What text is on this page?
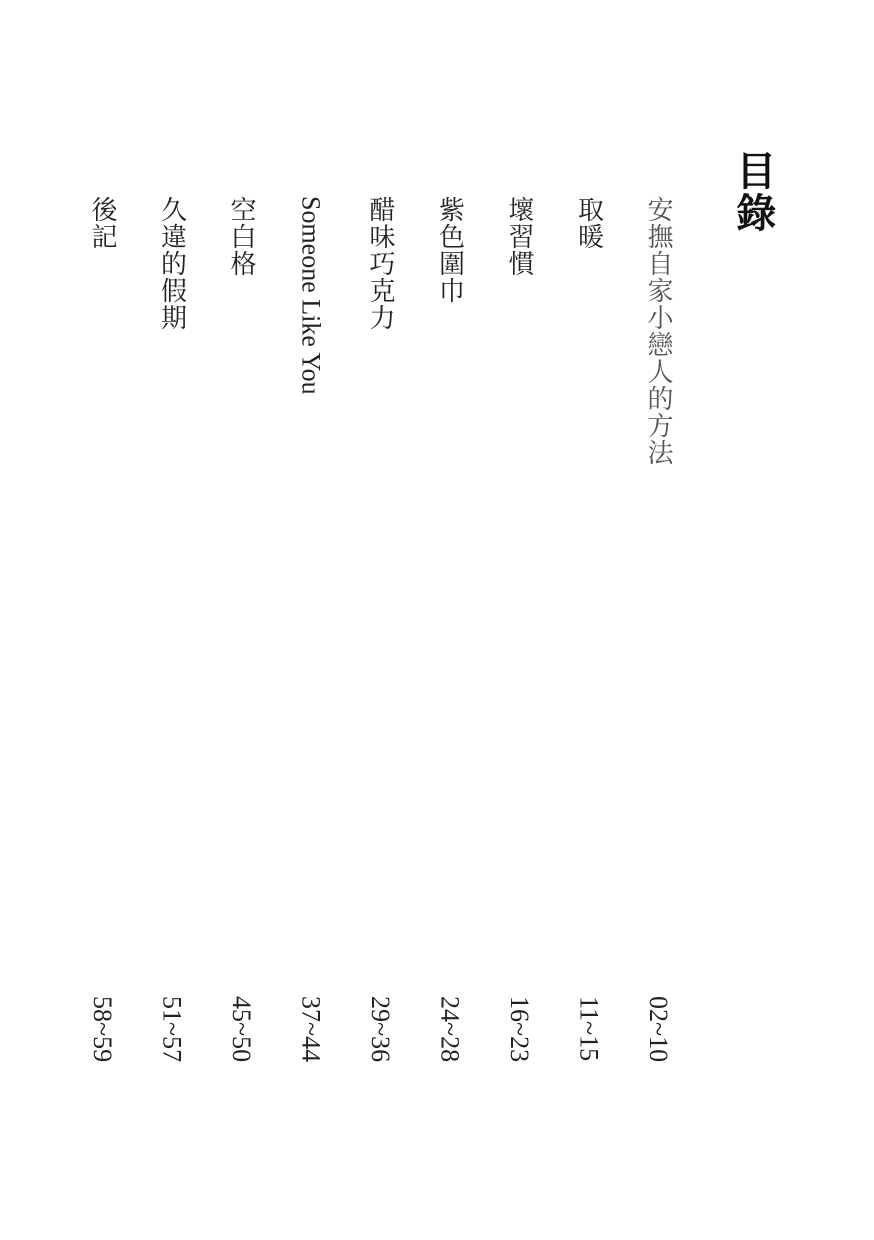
目錄
安撫自家小戀人的方法
02~10
取暖
11~15
壞習慣
16~23
紫色圍巾
24~28
醋味巧克力
29~36
Someone Like You
37~44
空白格
45~50
久違的假期
51~57
後記
58~59
